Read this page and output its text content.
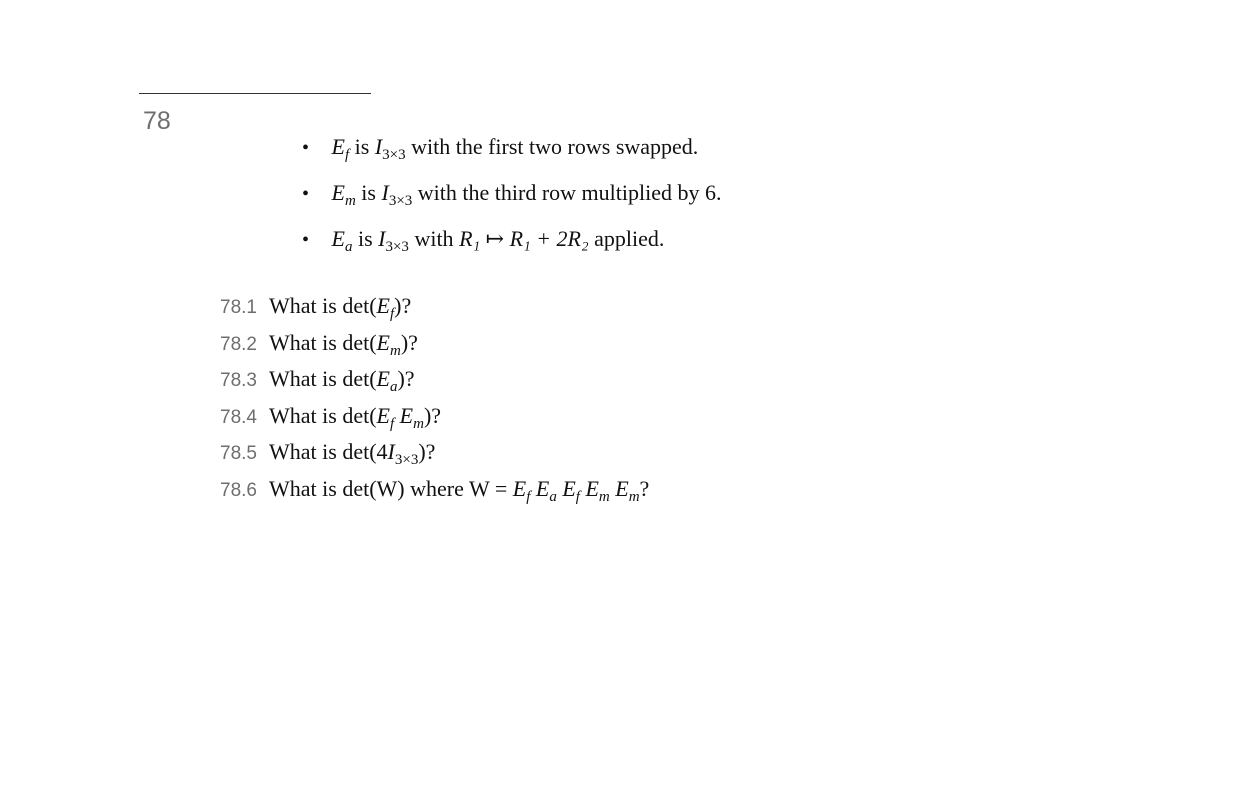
78
• $E_f$ is $I_{3\times 3}$ with the first two rows swapped.
• $E_m$ is $I_{3\times 3}$ with the third row multiplied by 6.
• $E_a$ is $I_{3\times 3}$ with R₁ ↦ R₁ + 2R₂ applied.
78.1 What is $\det(E_f)$?
78.2 What is $\det(E_m)$?
78.3 What is $\det(E_a)$?
78.4 What is $\det(E_f$ $E_m$)?
78.5 What is $\det(4I_{3\times 3})$?
78.6 What is det(W) where $W = E_f$ $E_a$ $E_f$ $E_m$ $E_m$?
